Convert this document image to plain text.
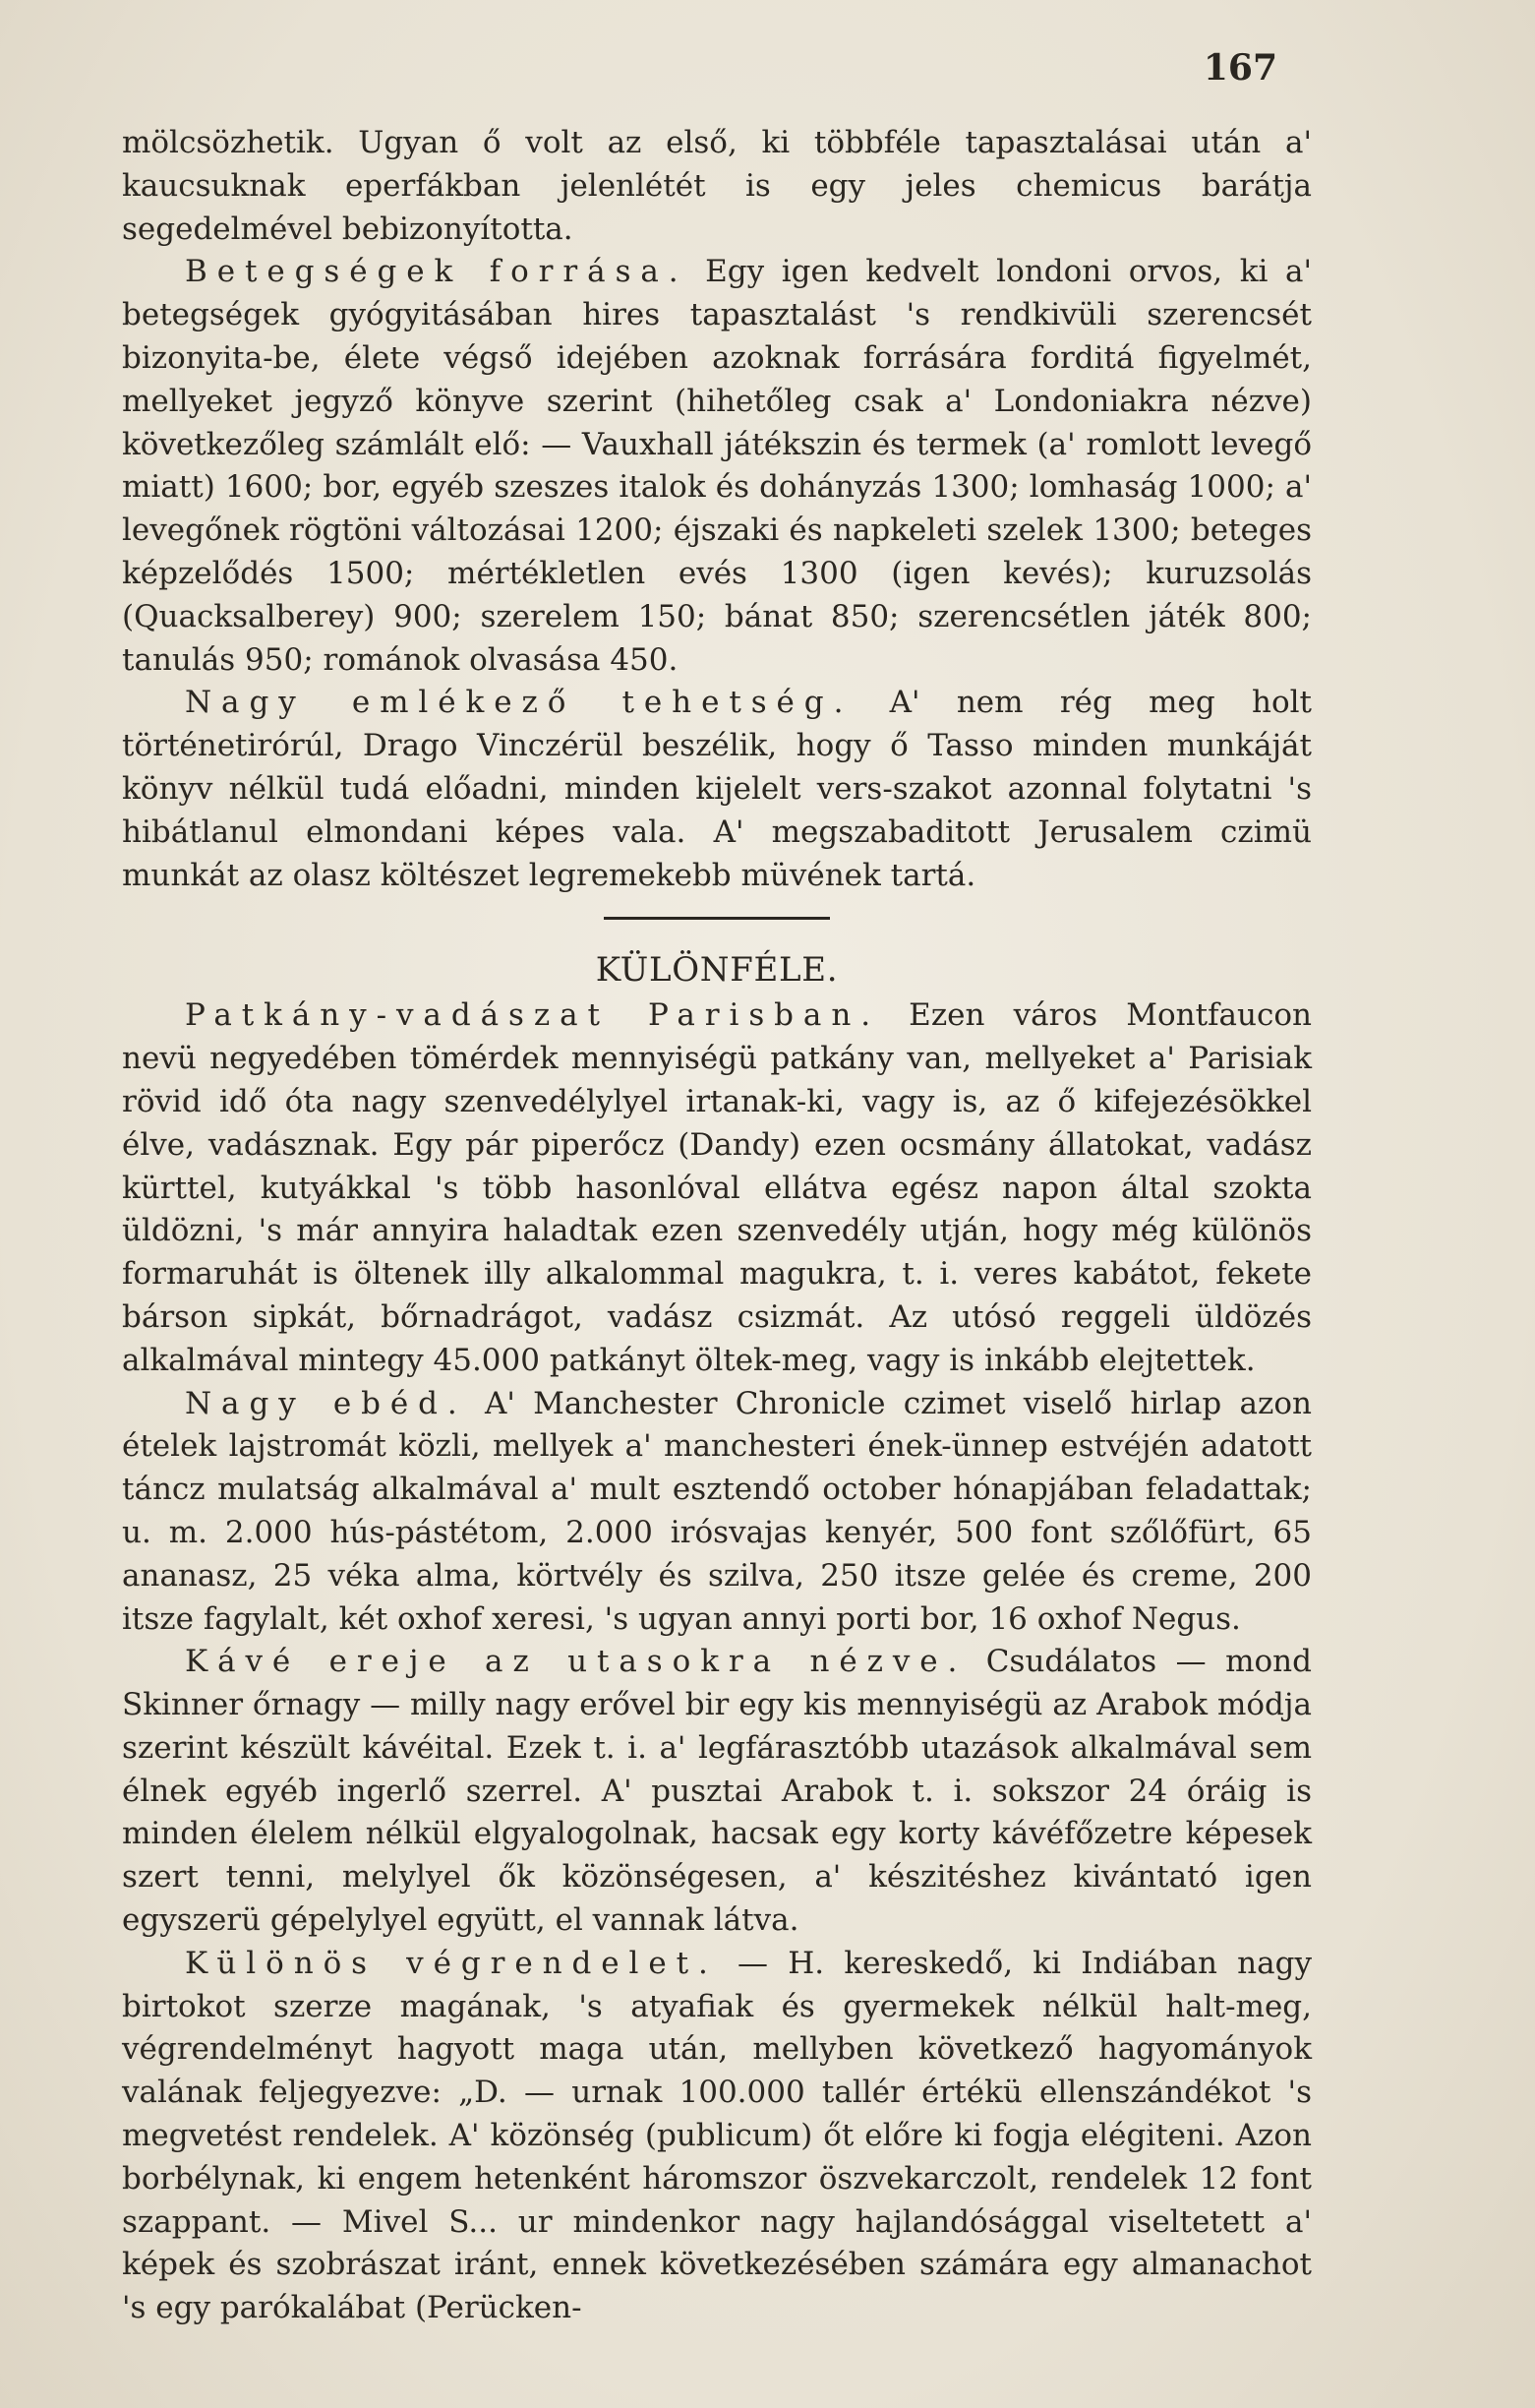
167

mölcsözhetik. Ugyan ő volt az első, ki többféle tapasztalásai után a' kaucsuknak eperfákban jelenlétét is egy jeles chemicus barátja segedelmével bebizonyította.

Betegségek forrása. Egy igen kedvelt londoni orvos, ki a' betegségek gyógyitásában hires tapasztalást 's rendkivüli szerencsét bizonyita-be, élete végső idejében azoknak forrására forditá figyelmét, mellyeket jegyző könyve szerint (hihetőleg csak a' Londoniakra nézve) következőleg számlált elő: — Vauxhall játékszin és termek (a' romlott levegő miatt) 1600; bor, egyéb szeszes italok és dohányzás 1300; lomhaság 1000; a' levegőnek rögtöni változásai 1200; éjszaki és napkeleti szelek 1300; beteges képzelődés 1500; mértékletlen evés 1300 (igen kevés); kuruzsolás (Quacksalberey) 900; szerelem 150; bánat 850; szerencsétlen játék 800; tanulás 950; románok olvasása 450.

Nagy emlékező tehetség. A' nem rég meg holt történetirórúl, Drago Vinczérül beszélik, hogy ő Tasso minden munkáját könyv nélkül tudá előadni, minden kijelelt vers-szakot azonnal folytatni 's hibátlanul elmondani képes vala. A' megszabaditott Jerusalem czimü munkát az olasz költészet legremekebb müvének tartá.

KÜLÖNFÉLE.

Patkány-vadászat Parisban. Ezen város Montfaucon nevü negyedében tömérdek mennyiségü patkány van, mellyeket a' Parisiak rövid idő óta nagy szenvedélylyel irtanak-ki, vagy is, az ő kifejezésökkel élve, vadásznak. Egy pár piperőcz (Dandy) ezen ocsmány állatokat, vadász kürttel, kutyákkal 's több hasonlóval ellátva egész napon által szokta üldözni, 's már annyira haladtak ezen szenvedély utján, hogy még különös formaruhát is öltenek illy alkalommal magukra, t. i. veres kabátot, fekete bárson sipkát, bőrnadrágot, vadász csizmát. Az utósó reggeli üldözés alkalmával mintegy 45.000 patkányt öltek-meg, vagy is inkább elejtettek.

Nagy ebéd. A' Manchester Chronicle czimet viselő hirlap azon ételek lajstromát közli, mellyek a' manchesteri ének-ünnep estvéjén adatott táncz mulatság alkalmával a' mult esztendő october hónapjában feladattak; u. m. 2.000 hús-pástétom, 2.000 irósvajas kenyér, 500 font szőlőfürt, 65 ananasz, 25 véka alma, körtvély és szilva, 250 itsze gelée és creme, 200 itsze fagylalt, két oxhof xeresi, 's ugyan annyi porti bor, 16 oxhof Negus.

Kávé ereje az utasokra nézve. Csudálatos — mond Skinner őrnagy — milly nagy erővel bir egy kis mennyiségü az Arabok módja szerint készült kávéital. Ezek t. i. a' legfárasztóbb utazások alkalmával sem élnek egyéb ingerlő szerrel. A' pusztai Arabok t. i. sokszor 24 óráig is minden élelem nélkül elgyalogolnak, hacsak egy korty kávéfőzetre képesek szert tenni, melylyel ők közönségesen, a' készitéshez kivántató igen egyszerü gépelylyel együtt, el vannak látva.

Különös végrendelet. — H. kereskedő, ki Indiában nagy birtokot szerze magának, 's atyafiak és gyermekek nélkül halt-meg, végrendelményt hagyott maga után, mellyben következő hagyományok valának feljegyezve: „D. — urnak 100.000 tallér értékü ellenszándékot 's megvetést rendelek. A' közönség (publicum) őt előre ki fogja elégiteni. Azon borbélynak, ki engem hetenként háromszor öszvekarczolt, rendelek 12 font szappant. — Mivel S... ur mindenkor nagy hajlandósággal viseltetett a' képek és szobrászat iránt, ennek következésében számára egy almanachot 's egy parókalábat (Perücken-
